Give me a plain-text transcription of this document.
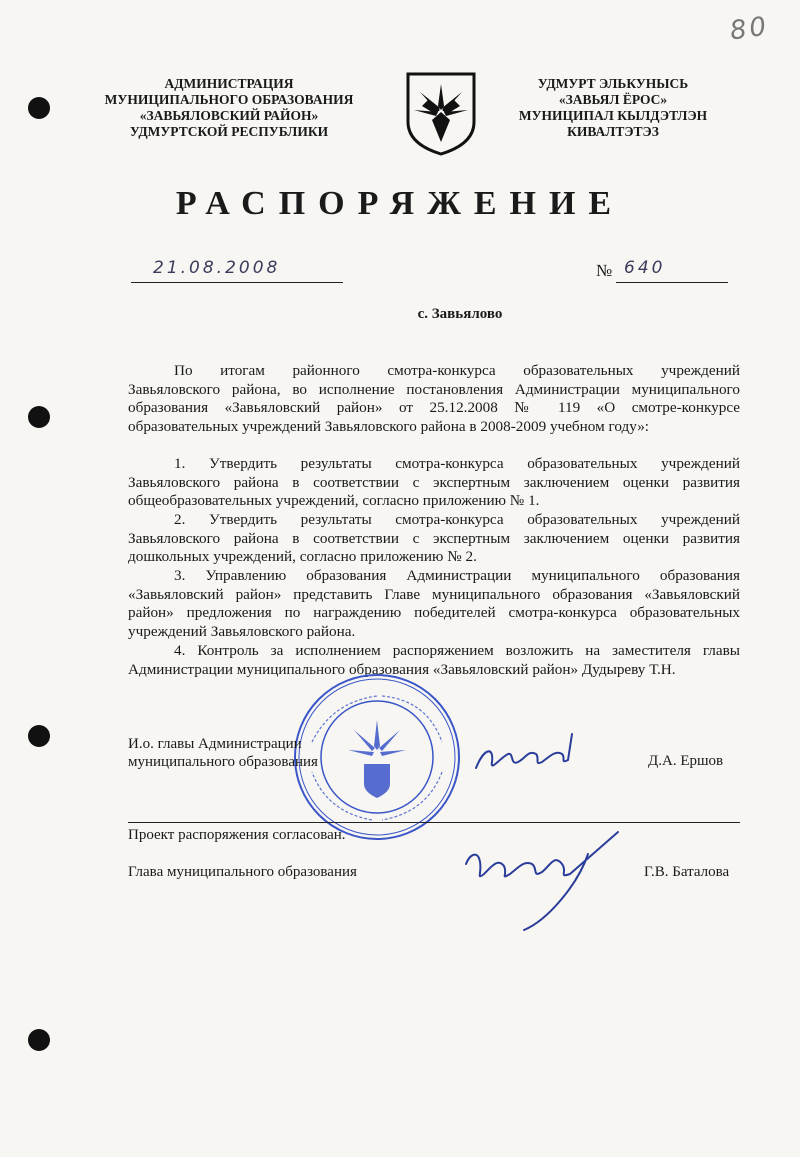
80
АДМИНИСТРАЦИЯ
МУНИЦИПАЛЬНОГО ОБРАЗОВАНИЯ
«ЗАВЬЯЛОВСКИЙ РАЙОН»
УДМУРТСКОЙ РЕСПУБЛИКИ
УДМУРТ ЭЛЬКУНЫСЬ
«ЗАВЬЯЛ ЁРОС»
МУНИЦИПАЛ КЫЛДЭТЛЭН
КИВАЛТЭТЭЗ
РАСПОРЯЖЕНИЕ
21.08.2008	№ 640
с. Завьялово
По итогам районного смотра-конкурса образовательных учреждений
Завьяловского района, во исполнение постановления Администрации муниципального
образования «Завьяловский район» от 25.12.2008 № 119 «О смотре-конкурсе
образовательных учреждений Завьяловского района в 2008-2009 учебном году»:
1. Утвердить результаты смотра-конкурса образовательных учреждений
Завьяловского района в соответствии с экспертным заключением оценки развития
общеобразовательных учреждений, согласно приложению № 1.
2. Утвердить результаты смотра-конкурса образовательных учреждений
Завьяловского района в соответствии с экспертным заключением оценки развития
дошкольных учреждений, согласно приложению № 2.
3. Управлению образования Администрации муниципального образования
«Завьяловский район» представить Главе муниципального образования «Завьяловский
район» предложения по награждению победителей смотра-конкурса образовательных
учреждений Завьяловского района.
4. Контроль за исполнением распоряжением возложить на заместителя главы
Администрации муниципального образования «Завьяловский район» Дудыреву Т.Н.
И.о. главы Администрации
муниципального образования	Д.А. Ершов
Проект распоряжения согласован.
Глава муниципального образования	Г.В. Баталова
